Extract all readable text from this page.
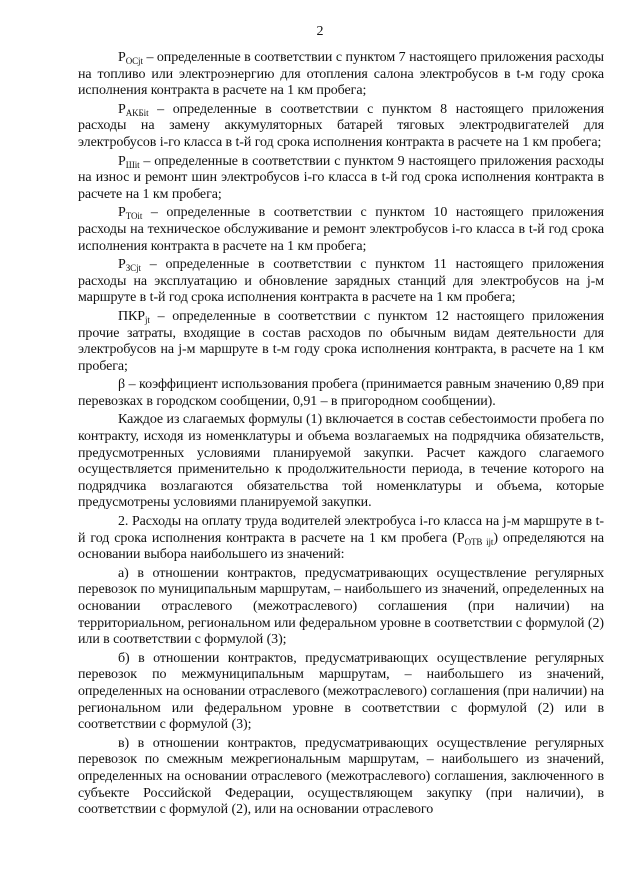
2

$P_{OCjt}$ – определенные в соответствии с пунктом 7 настоящего приложения расходы на топливо или электроэнергию для отопления салона электробусов в t-м году срока исполнения контракта в расчете на 1 км пробега;

$P_{AKБit}$ – определенные в соответствии с пунктом 8 настоящего приложения расходы на замену аккумуляторных батарей тяговых электродвигателей для электробусов i-го класса в t-й год срока исполнения контракта в расчете на 1 км пробега;

$P_{Шit}$ – определенные в соответствии с пунктом 9 настоящего приложения расходы на износ и ремонт шин электробусов i-го класса в t-й год срока исполнения контракта в расчете на 1 км пробега;

$P_{TOit}$ – определенные в соответствии с пунктом 10 настоящего приложения расходы на техническое обслуживание и ремонт электробусов i-го класса в t-й год срока исполнения контракта в расчете на 1 км пробега;

$P_{ЗСjt}$ – определенные в соответствии с пунктом 11 настоящего приложения расходы на эксплуатацию и обновление зарядных станций для электробусов на j-м маршруте в t-й год срока исполнения контракта в расчете на 1 км пробега;

$ПКР_{jt}$ – определенные в соответствии с пунктом 12 настоящего приложения прочие затраты, входящие в состав расходов по обычным видам деятельности для электробусов на j-м маршруте в t-м году срока исполнения контракта, в расчете на 1 км пробега;

β – коэффициент использования пробега (принимается равным значению 0,89 при перевозках в городском сообщении, 0,91 – в пригородном сообщении).

Каждое из слагаемых формулы (1) включается в состав себестоимости пробега по контракту, исходя из номенклатуры и объема возлагаемых на подрядчика обязательств, предусмотренных условиями планируемой закупки. Расчет каждого слагаемого осуществляется применительно к продолжительности периода, в течение которого на подрядчика возлагаются обязательства той номенклатуры и объема, которые предусмотрены условиями планируемой закупки.

2. Расходы на оплату труда водителей электробуса i-го класса на j-м маршруте в t-й год срока исполнения контракта в расчете на 1 км пробега $(P_{ОТВ ijt})$ определяются на основании выбора наибольшего из значений:

а) в отношении контрактов, предусматривающих осуществление регулярных перевозок по муниципальным маршрутам, – наибольшего из значений, определенных на основании отраслевого (межотраслевого) соглашения (при наличии) на территориальном, региональном или федеральном уровне в соответствии с формулой (2) или в соответствии с формулой (3);

б) в отношении контрактов, предусматривающих осуществление регулярных перевозок по межмуниципальным маршрутам, – наибольшего из значений, определенных на основании отраслевого (межотраслевого) соглашения (при наличии) на региональном или федеральном уровне в соответствии с формулой (2) или в соответствии с формулой (3);

в) в отношении контрактов, предусматривающих осуществление регулярных перевозок по смежным межрегиональным маршрутам, – наибольшего из значений, определенных на основании отраслевого (межотраслевого) соглашения, заключенного в субъекте Российской Федерации, осуществляющем закупку (при наличии), в соответствии с формулой (2), или на основании отраслевого
